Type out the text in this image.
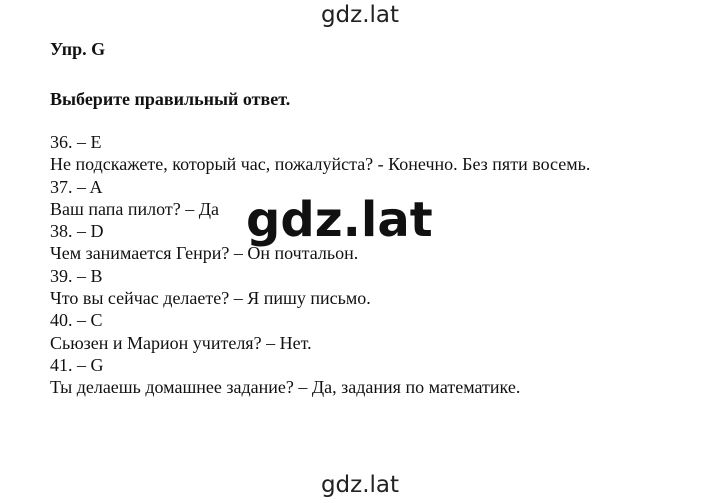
gdz.lat
Упр. G
Выберите правильный ответ.
36. – E
Не подскажете, который час, пожалуйста? - Конечно. Без пяти восемь.
37. – A
Ваш папа пилот? – Да
38. – D
Чем занимается Генри? – Он почтальон.
39. – B
Что вы сейчас делаете? – Я пишу письмо.
40. – C
Сьюзен и Марион учителя? – Нет.
41. – G
Ты делаешь домашнее задание? – Да, задания по математике.
gdz.lat
gdz.lat
